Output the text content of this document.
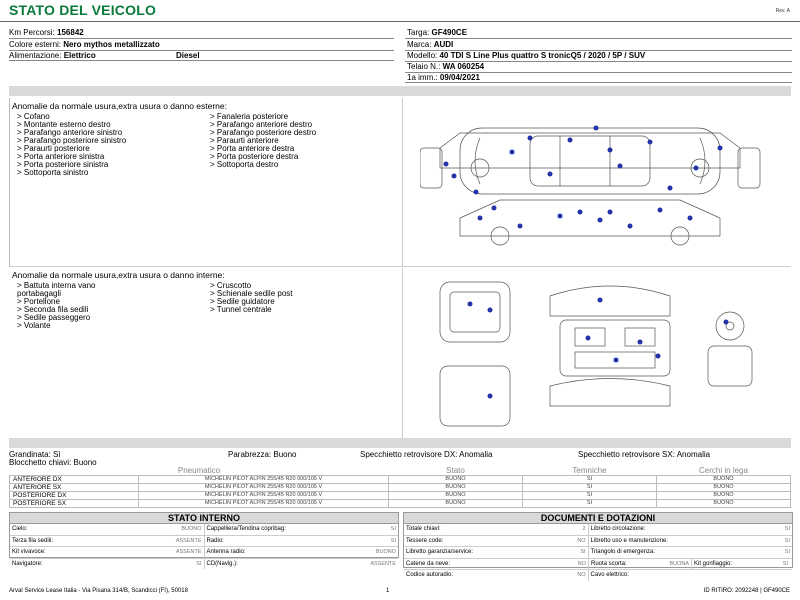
STATO DEL VEICOLO	Rev. A
Km Percorsi: 156842
Colore esterni: Nero mythos metallizzato
Alimentazione: Elettrico	Diesel
Targa: GF490CE
Marca: AUDI
Modello: 40 TDI S Line Plus quattro S tronicQ5 / 2020 / 5P / SUV
Telaio N.: WA 060254
1a imm.: 09/04/2021
Anomalie da normale usura,extra usura o danno esterne:
> Cofano
> Montante esterno destro
> Parafango anteriore sinistro
> Parafango posteriore sinistro
> Paraurti posteriore
> Porta anteriore sinistra
> Porta posteriore sinistra
> Sottoporta sinistro
> Fanaleria posteriore
> Parafango anteriore destro
> Parafango posteriore destro
> Paraurti anteriore
> Porta anteriore destra
> Porta posteriore destra
> Sottoporta destro
Anomalie da normale usura,extra usura o danno interne:
> Battuta interna vano
portabagagli
> Portellone
> Seconda fila sedili
> Sedile passeggero
> Volante
> Cruscotto
> Schienale sedile post
> Sedile guidatore
> Tunnel centrale
Grandinata: Sì	Parabrezza: Buono	Specchietto retrovisore DX: Anomalia	Specchietto retrovisore SX: Anomalia
Blocchetto chiavi: Buono
Pneumatico		Stato	Temniche	Cerchi in lega
ANTERIORE DX	MICHELIN PILOT ALPIN 255/45 R20 000/105 V	BUONO	SI	BUONO
ANTERIORE SX	MICHELIN PILOT ALPIN 255/45 R20 000/105 V	BUONO	SI	BUONO
POSTERIORE DX	MICHELIN PILOT ALPIN 255/45 R20 000/105 V	BUONO	SI	BUONO
POSTERIORE SX	MICHELIN PILOT ALPIN 255/45 R20 000/105 V	BUONO	SI	BUONO
STATO INTERNO
Cielo:	BUONO Cappelliera/Tendina copribag:	SI
Terza fila sedili:	ASSENTE Radio:	SI
Kit vivavoce:	ASSENTE Antenna radio:	BUONO
Navigatore:	SI CD(Navig.):	ASSENTE
DOCUMENTI E DOTAZIONI
Totale chiavi:	2 Libretto circolazione:	SI
Tessere code:	NO Libretto uso e manutenzione:	SI
Libretto garanzia/service:	SI Triangolo di emergenza:	SI
Catene da neve:	NO Ruota scorta:	BUONA Kit gonfiaggio:	SI
Codice autoradio:	NO Cavo elettrico:
Arval Service Lease Italia - Via Pisana 314/B, Scandicci (FI), 50018	1	ID RITIRO: 2092248 | GF490CE
